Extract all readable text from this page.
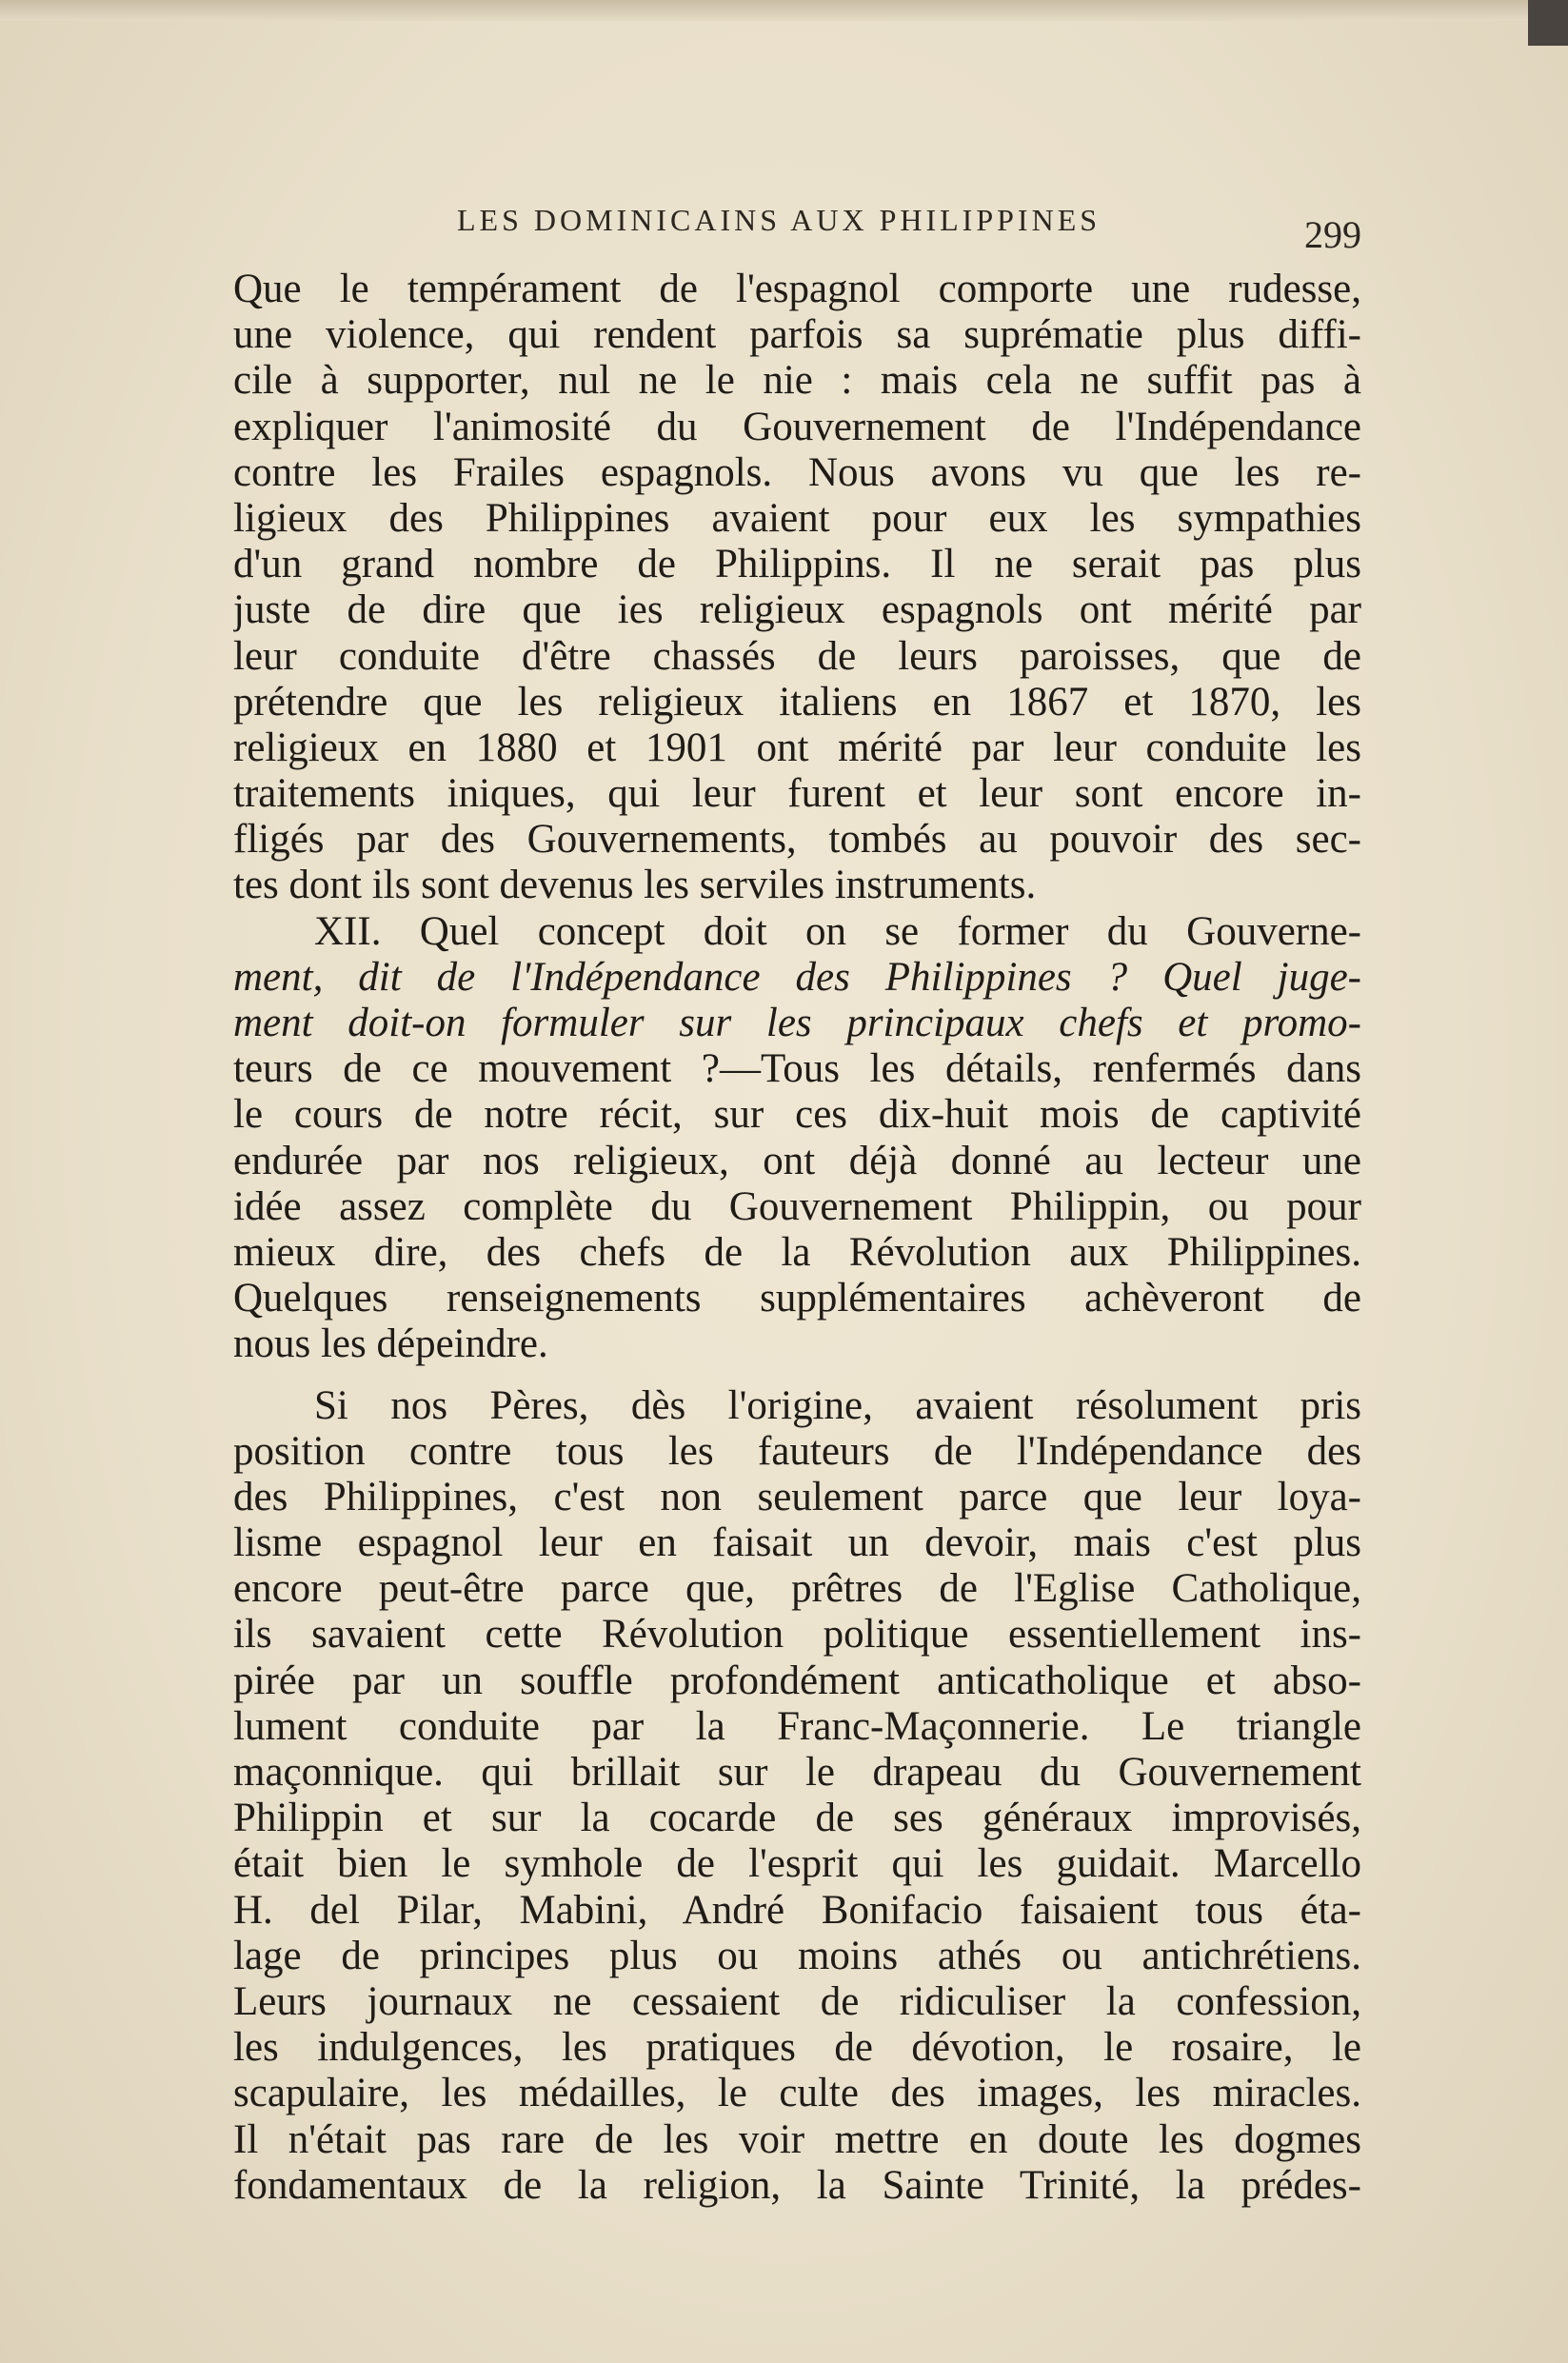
LES DOMINICAINS AUX PHILIPPINES	299
Que le tempérament de l'espagnol comporte une rudesse,
une violence, qui rendent parfois sa suprématie plus diffi-
cile à supporter, nul ne le nie : mais cela ne suffit pas à
expliquer l'animosité du Gouvernement de l'Indépendance
contre les Frailes espagnols. Nous avons vu que les re-
ligieux des Philippines avaient pour eux les sympathies
d'un grand nombre de Philippins. Il ne serait pas plus
juste de dire que ies religieux espagnols ont mérité par
leur conduite d'être chassés de leurs paroisses, que de
prétendre que les religieux italiens en 1867 et 1870, les
religieux en 1880 et 1901 ont mérité par leur conduite les
traitements iniques, qui leur furent et leur sont encore in-
fligés par des Gouvernements, tombés au pouvoir des sec-
tes dont ils sont devenus les serviles instruments.
XII. Quel concept doit on se former du Gouverne-
ment, dit de l'Indépendance des Philippines ? Quel juge-
ment doit-on formuler sur les principaux chefs et promo-
teurs de ce mouvement ?—Tous les détails, renfermés dans
le cours de notre récit, sur ces dix-huit mois de captivité
endurée par nos religieux, ont déjà donné au lecteur une
idée assez complète du Gouvernement Philippin, ou pour
mieux dire, des chefs de la Révolution aux Philippines.
Quelques renseignements supplémentaires achèveront de
nous les dépeindre.
Si nos Pères, dès l'origine, avaient résolument pris
position contre tous les fauteurs de l'Indépendance des
des Philippines, c'est non seulement parce que leur loya-
lisme espagnol leur en faisait un devoir, mais c'est plus
encore peut-être parce que, prêtres de l'Eglise Catholique,
ils savaient cette Révolution politique essentiellement ins-
pirée par un souffle profondément anticatholique et abso-
lument conduite par la Franc-Maçonnerie. Le triangle
maçonnique. qui brillait sur le drapeau du Gouvernement
Philippin et sur la cocarde de ses généraux improvisés,
était bien le symhole de l'esprit qui les guidait. Marcello
H. del Pilar, Mabini, André Bonifacio faisaient tous éta-
lage de principes plus ou moins athés ou antichrétiens.
Leurs journaux ne cessaient de ridiculiser la confession,
les indulgences, les pratiques de dévotion, le rosaire, le
scapulaire, les médailles, le culte des images, les miracles.
Il n'était pas rare de les voir mettre en doute les dogmes
fondamentaux de la religion, la Sainte Trinité, la prédes-
